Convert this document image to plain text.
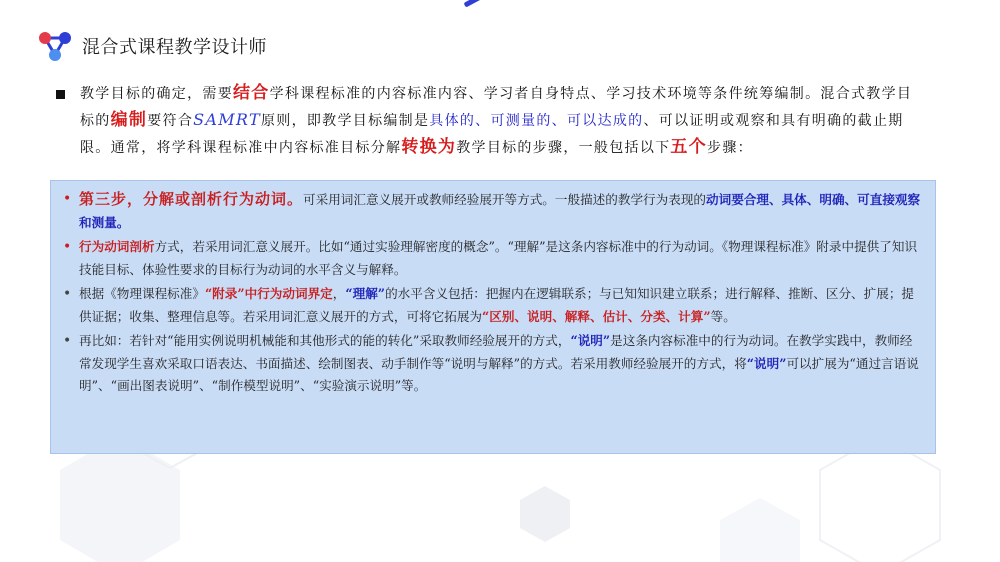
混合式课程教学设计师
教学目标的确定，需要结合学科课程标准的内容标准内容、学习者自身特点、学习技术环境等条件统筹编制。混合式教学目标的编制要符合SAMRT原则，即教学目标编制是具体的、可测量的、可以达成的、可以证明或观察和具有明确的截止期限。通常，将学科课程标准中内容标准目标分解转换为教学目标的步骤，一般包括以下五个步骤：
• 第三步，分解或剖析行为动词。可采用词汇意义展开或教师经验展开等方式。一般描述的教学行为表现的动词要合理、具体、明确、可直接观察和测量。
• 行为动词剖析方式，若采用词汇意义展开。比如“通过实验理解密度的概念”。“理解”是这条内容标准中的行为动词。《物理课程标准》附录中提供了知识技能目标、体验性要求的目标行为动词的水平含义与解释。
• 根据《物理课程标准》“附录”中行为动词界定，“理解”的水平含义包括：把握内在逻辑联系；与已知知识建立联系；进行解释、推断、区分、扩展；提供证据；收集、整理信息等。若采用词汇意义展开的方式，可将它拓展为“区别、说明、解释、估计、分类、计算”等。
• 再比如：若针对“能用实例说明机械能和其他形式的能的转化”采取教师经验展开的方式，“说明”是这条内容标准中的行为动词。在教学实践中，教师经常发现学生喜欢采取口语表达、书面描述、绘制图表、动手制作等“说明与解释”的方式。若采用教师经验展开的方式，将“说明”可以扩展为“通过言语说明”、“画出图表说明”、“制作模型说明”、“实验演示说明”等。
